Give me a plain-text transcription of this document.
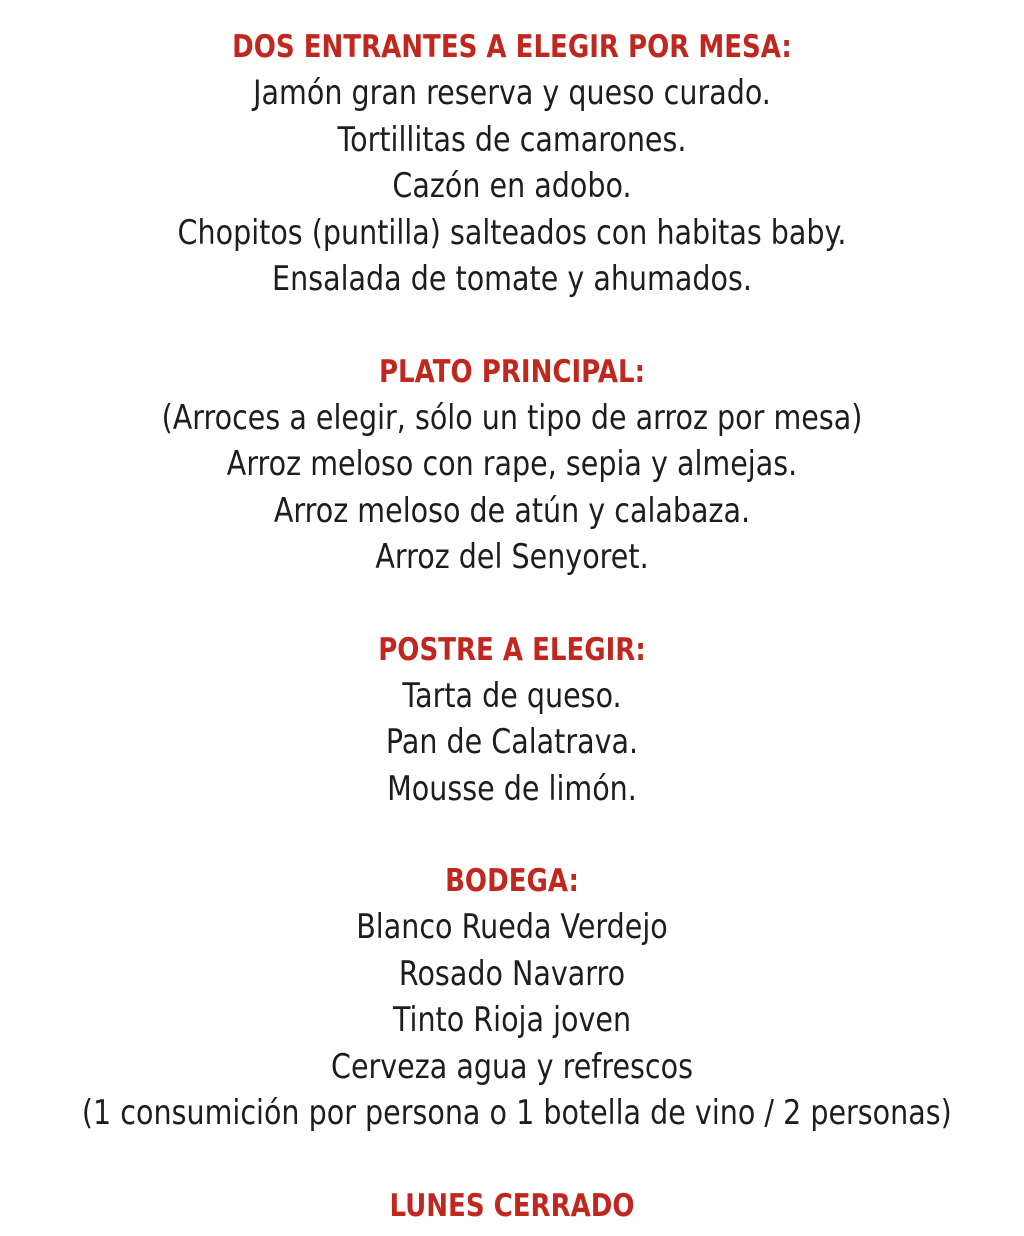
DOS ENTRANTES A ELEGIR POR MESA:
Jamón gran reserva y queso curado.
Tortillitas de camarones.
Cazón en adobo.
Chopitos (puntilla) salteados con habitas baby.
Ensalada de tomate y ahumados.
PLATO PRINCIPAL:
(Arroces a elegir, sólo un tipo de arroz por mesa)
Arroz meloso con rape, sepia y almejas.
Arroz meloso de atún y calabaza.
Arroz del Senyoret.
POSTRE A ELEGIR:
Tarta de queso.
Pan de Calatrava.
Mousse de limón.
BODEGA:
Blanco Rueda Verdejo
Rosado Navarro
Tinto Rioja joven
Cerveza agua y refrescos
(1 consumición por persona o 1 botella de vino / 2 personas)
LUNES CERRADO
